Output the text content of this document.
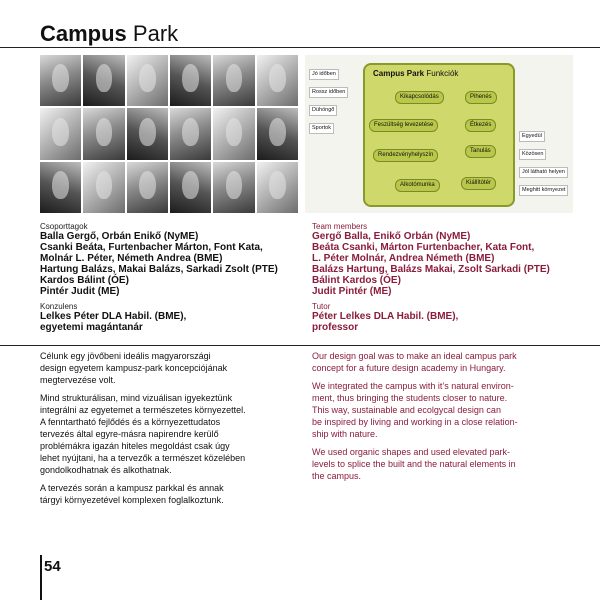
Campus Park
Jó időben
Rossz időben
Dühöngő
Sportok
Campus Park Funkciók
Kikapcsolódás	Pihenés
Feszültség levezetése	Étkezés
Rendezvényhelyszín
Tanulás
Alkotómunka	Kiállítótér
Egyedül
Közösen
Jól látható helyen
Meghitt környezet
Csoporttagok
Balla Gergő, Orbán Enikő (NyME)
Csanki Beáta, Furtenbacher Márton, Font Kata,
Molnár L. Péter, Németh Andrea (BME)
Hartung Balázs, Makai Balázs, Sarkadi Zsolt (PTE)
Kardos Bálint (ÓE)
Pintér Judit (ME)
Konzulens
Lelkes Péter DLA Habil. (BME),
egyetemi magántanár
Team members
Gergő Balla, Enikő Orbán (NyME)
Beáta Csanki, Márton Furtenbacher, Kata Font,
L. Péter Molnár, Andrea Németh (BME)
Balázs Hartung, Balázs Makai, Zsolt Sarkadi (PTE)
Bálint Kardos (ÓE)
Judit Pintér (ME)
Tutor
Péter Lelkes DLA Habil. (BME),
professor

Célunk egy jövőbeni ideális magyarországi
design egyetem kampusz-park koncepciójának
megtervezése volt.

Mind strukturálisan, mind vizuálisan igyekeztünk
integrálni az egyetemet a természetes környezettel.
A fenntartható fejlődés és a környezettudatos
tervezés által egyre-másra napirendre kerülő
problémákra igazán hiteles megoldást csak úgy
lehet nyújtani, ha a tervezők a természet közelében
gondolkodhatnak és alkothatnak.

A tervezés során a kampusz parkkal és annak
tárgyi környezetével komplexen foglalkoztunk.

Our design goal was to make an ideal campus park
concept for a future design academy in Hungary.

We integrated the campus with it’s natural environ-
ment, thus bringing the students closer to nature.
This way, sustainable and ecolgycal design can
be inspired by living and working in a close relation-
ship with nature.

We used organic shapes and used elevated park-
levels to splice the built and the natural elements in
the campus.

54
